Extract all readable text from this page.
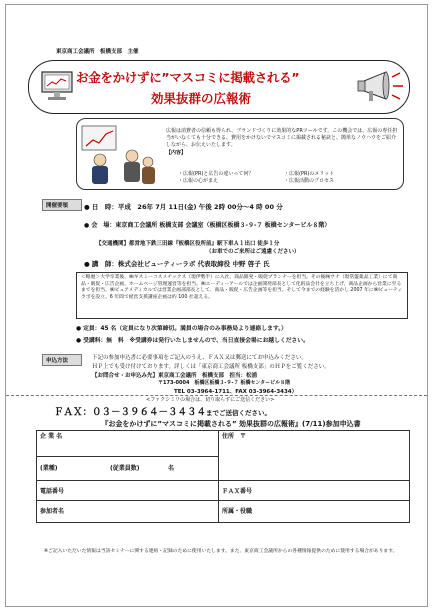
東京商工会議所　板橋支部　主催
お金をかけずに”マスコミに掲載される”
効果抜群の広報術
広報は消費者の信頼も得られ、ブランドづくりに効果的なPRツールです。この機会では、広報の専任担当がいなくても十分できる、費用をかけないでマスコミに掲載される秘訣と、簡単なノウハウをご紹介しながら、お伝えいたします。
【内容】
・広報(PR)と広告の違いって何？	・広報(PR)のメリット
・広報の心がまえ	・広報活動のプロセス
開催要領	● 日　時：平成　26年 7月 11日(金) 午後 2時 00分～4 時 00 分
● 会　場：東京商工会議所 板橋支部 会議室（板橋区板橋３-９-７ 板橋センタービル８階）
【交通機関】都営地下鉄三田線『板橋区役所前』駅下車Ａ１出口 徒歩１分
（お車でのご来所はご遠慮ください）
● 講　師：株式会社ビューティーラボ 代表取締役 中野 啓子 氏
＜略歴＞大学卒業後、㈱ギスミーコスメチックス（現伊勢半）に入社。商品開発・販促プランナーを担当。その後㈱サナ（現常盤薬品工業）にて商品・販促・広告企画、ホームページ管理運営等を担当。㈱エーディーアールでは企画開発部長として化粧品会社を立ち上げ、商品企画から営業に至るまでを担当。㈱ビュアメディカルでは営業企画部部長として、商品・販促・広告企画等を担当。そして今までの経験を活かし 2007 年に㈱ビューティラボを設立。6 年間で経営支援講座企画は約 100 社超える。
● 定員：45 名（定員になり次第締切。満員の場合のみ事務局より連絡します。）
● 受講料：無　料　※受講券は発行いたしませんので、当日直接会場にお越しください。
申込方法	下記の参加申込書に必要事項をご記入のうえ、ＦＡＸ又は郵送にてお申込みください。
ＨＰ上でも受け付けております。詳しくは「東京商工会議所 板橋支部」のＨＰをご覧ください。
【お問合せ・お申込み先】東京商工会議所　板橋支部　担当：松浦
〒173-0004　板橋区板橋３-９-７ 板橋センタービル８階
<ファクシミリの場合は、切り取らずにご送信ください>
TEL 03-3964-1711、FAX 03-3964-3434）
ＦＡＸ：０３－３９６４－３４３４までご送信ください。
『お金をかけずに”マスコミに掲載される” 効果抜群の広報術』(7/11)参加申込書
企 業 名	住所　〒
(業種) (従業員数) 名	
電話番号	ＦＡＸ番号
参加者名	所属・役職
※ご記入いただいた情報は当該セミナーに関する連絡・記録のために使用いたします。また、東京商工会議所からの各種情報提供のために使用する場合があります。
